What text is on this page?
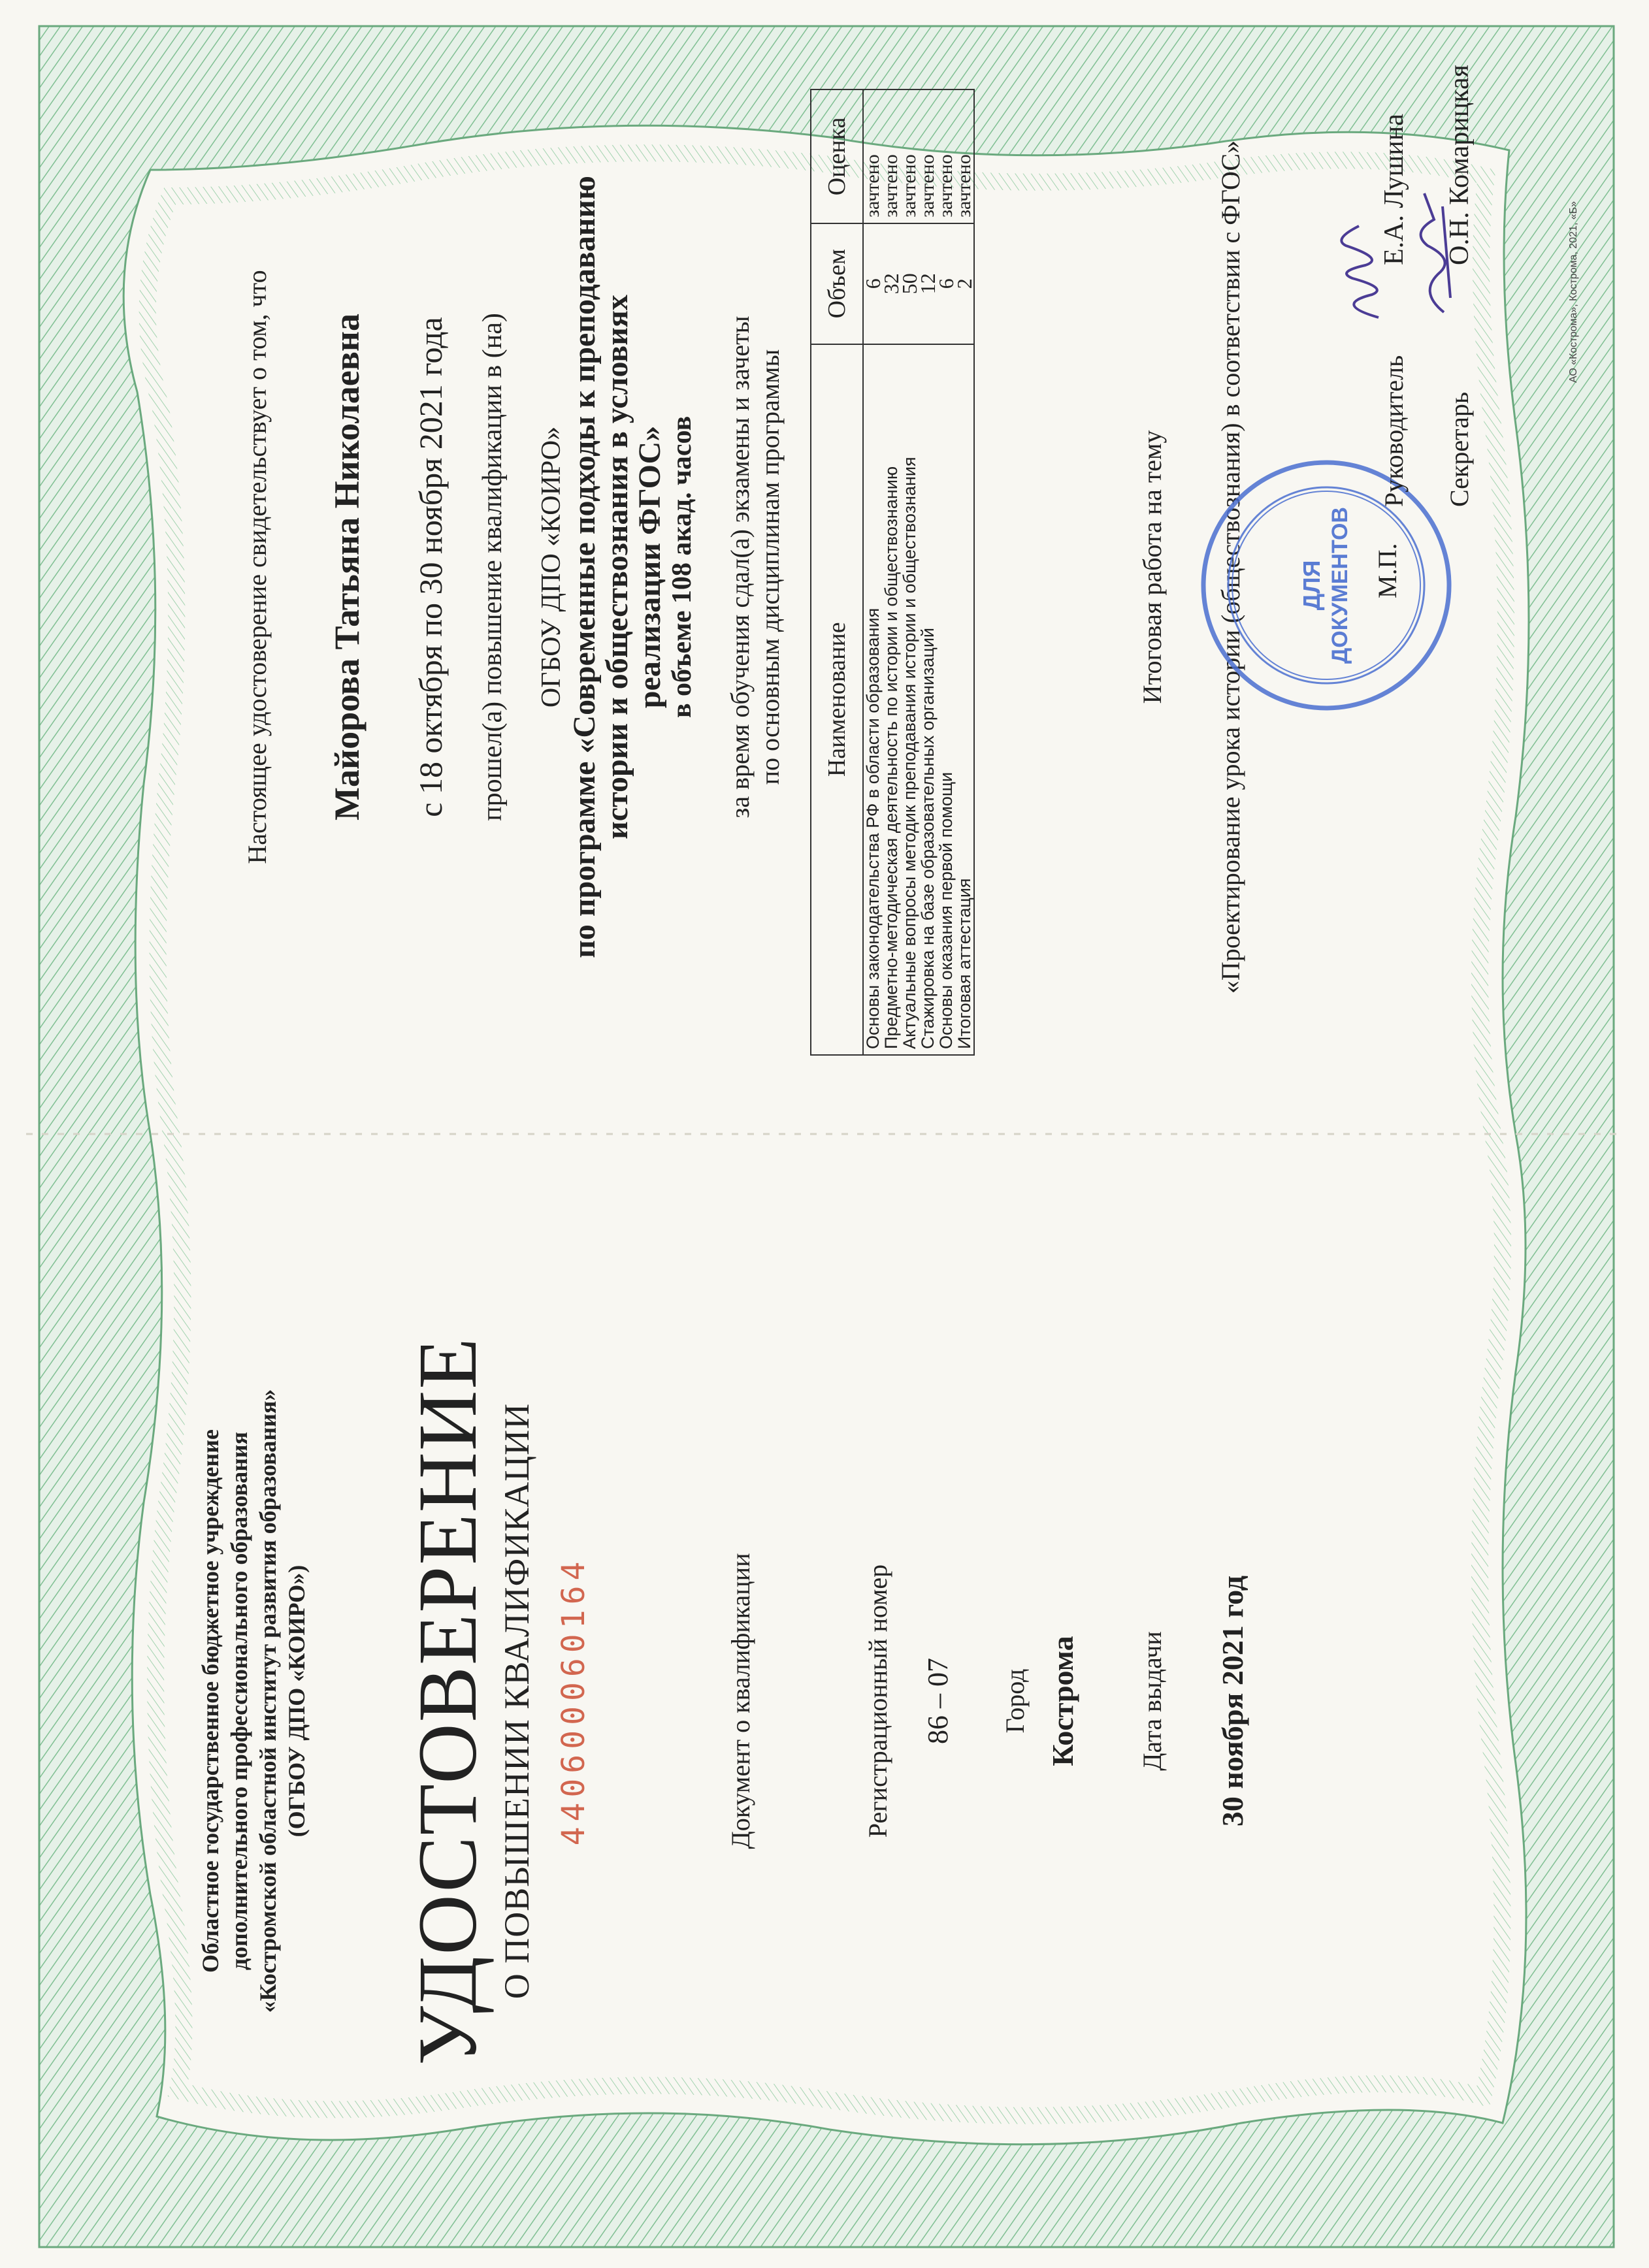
Областное государственное бюджетное учреждение дополнительного профессионального образования «Костромской областной институт развития образования» (ОГБОУ ДПО «КОИРО») УДОСТОВЕРЕНИЕ О ПОВЫШЕНИИ КВАЛИФИКАЦИИ 440600060164	Документ о квалификации	Регистрационный номер 86 – 07 Город Кострома Дата выдачи 30 ноября 2021 год
Настоящее удостоверение свидетельствует о том, что Майорова Татьяна Николаевна с 18 октября по 30 ноября 2021 года прошел(а) повышение квалификации в (на) ОГБОУ ДПО «КОИРО» по программе «Современные подходы к преподаванию
истории и обществознания в условиях
реализации ФГОС» в объеме 108 акад. часов за время обучения сдал(а) экзамены и зачеты по основным дисциплинам программы Наименование	Объем	Оценка
Основы законодательства РФ в области образования	6	зачтено
Предметно-методическая деятельность по истории и обществознанию	32	зачтено
Актуальные вопросы методик преподавания истории и обществознания	50	зачтено
Стажировка на базе образовательных организаций	12	зачтено
Основы оказания первой помощи	6	зачтено
Итоговая аттестация	2	зачтено
Итоговая работа на тему «Проектирование урока истории (обществознания) в соответствии с ФГОС» ДЛЯ ДОКУМЕНТОВ М.П.
Руководитель Секретарь
Е.А. Лушина О.Н. Комарицкая
АО «Кострома», Кострома, 2021, «Б»
